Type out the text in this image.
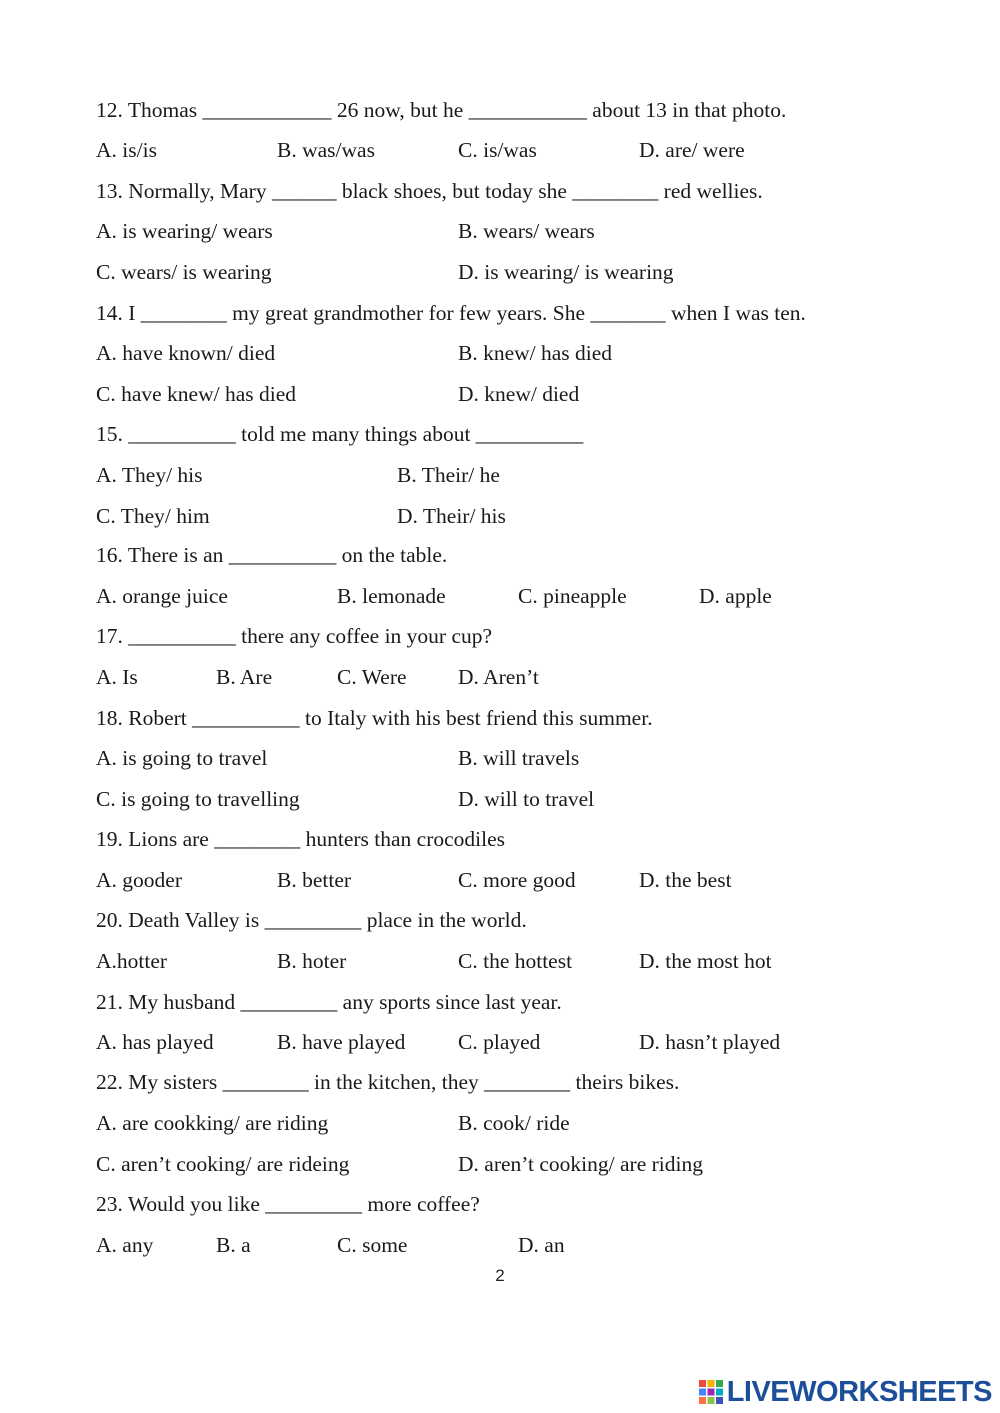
12. Thomas ____________ 26 now, but he ___________ about 13 in that photo.
A. is/is	B. was/was	C. is/was	D. are/ were
13. Normally, Mary ______ black shoes, but today she ________ red wellies.
A. is wearing/ wears	B. wears/ wears
C. wears/ is wearing	D. is wearing/ is wearing
14. I ________ my great grandmother for few years. She _______ when I was ten.
A. have known/ died	B. knew/ has died
C. have knew/ has died	D. knew/ died
15. __________ told me many things about __________
A. They/ his	B. Their/ he
C. They/ him	D. Their/ his
16. There is an __________ on the table.
A. orange juice	B. lemonade	C. pineapple	D. apple
17. __________ there any coffee in your cup?
A. Is	B. Are	C. Were D. Aren’t
18. Robert __________ to Italy with his best friend this summer.
A. is going to travel	B. will travels
C. is going to travelling	D. will to travel
19. Lions are ________ hunters than crocodiles
A. gooder	B. better	C. more good	D. the best
20. Death Valley is _________ place in the world.
A.hotter	B. hoter	C. the hottest	D. the most hot
21. My husband _________ any sports since last year.
A. has played	B. have played C. played	D. hasn’t played
22. My sisters ________ in the kitchen, they ________ theirs bikes.
A. are cookking/ are riding	B. cook/ ride
C. aren’t cooking/ are rideing	D. aren’t cooking/ are riding
23. Would you like _________ more coffee?
A. any	B. a	C. some	D. an
2
LIVEWORKSHEETS
